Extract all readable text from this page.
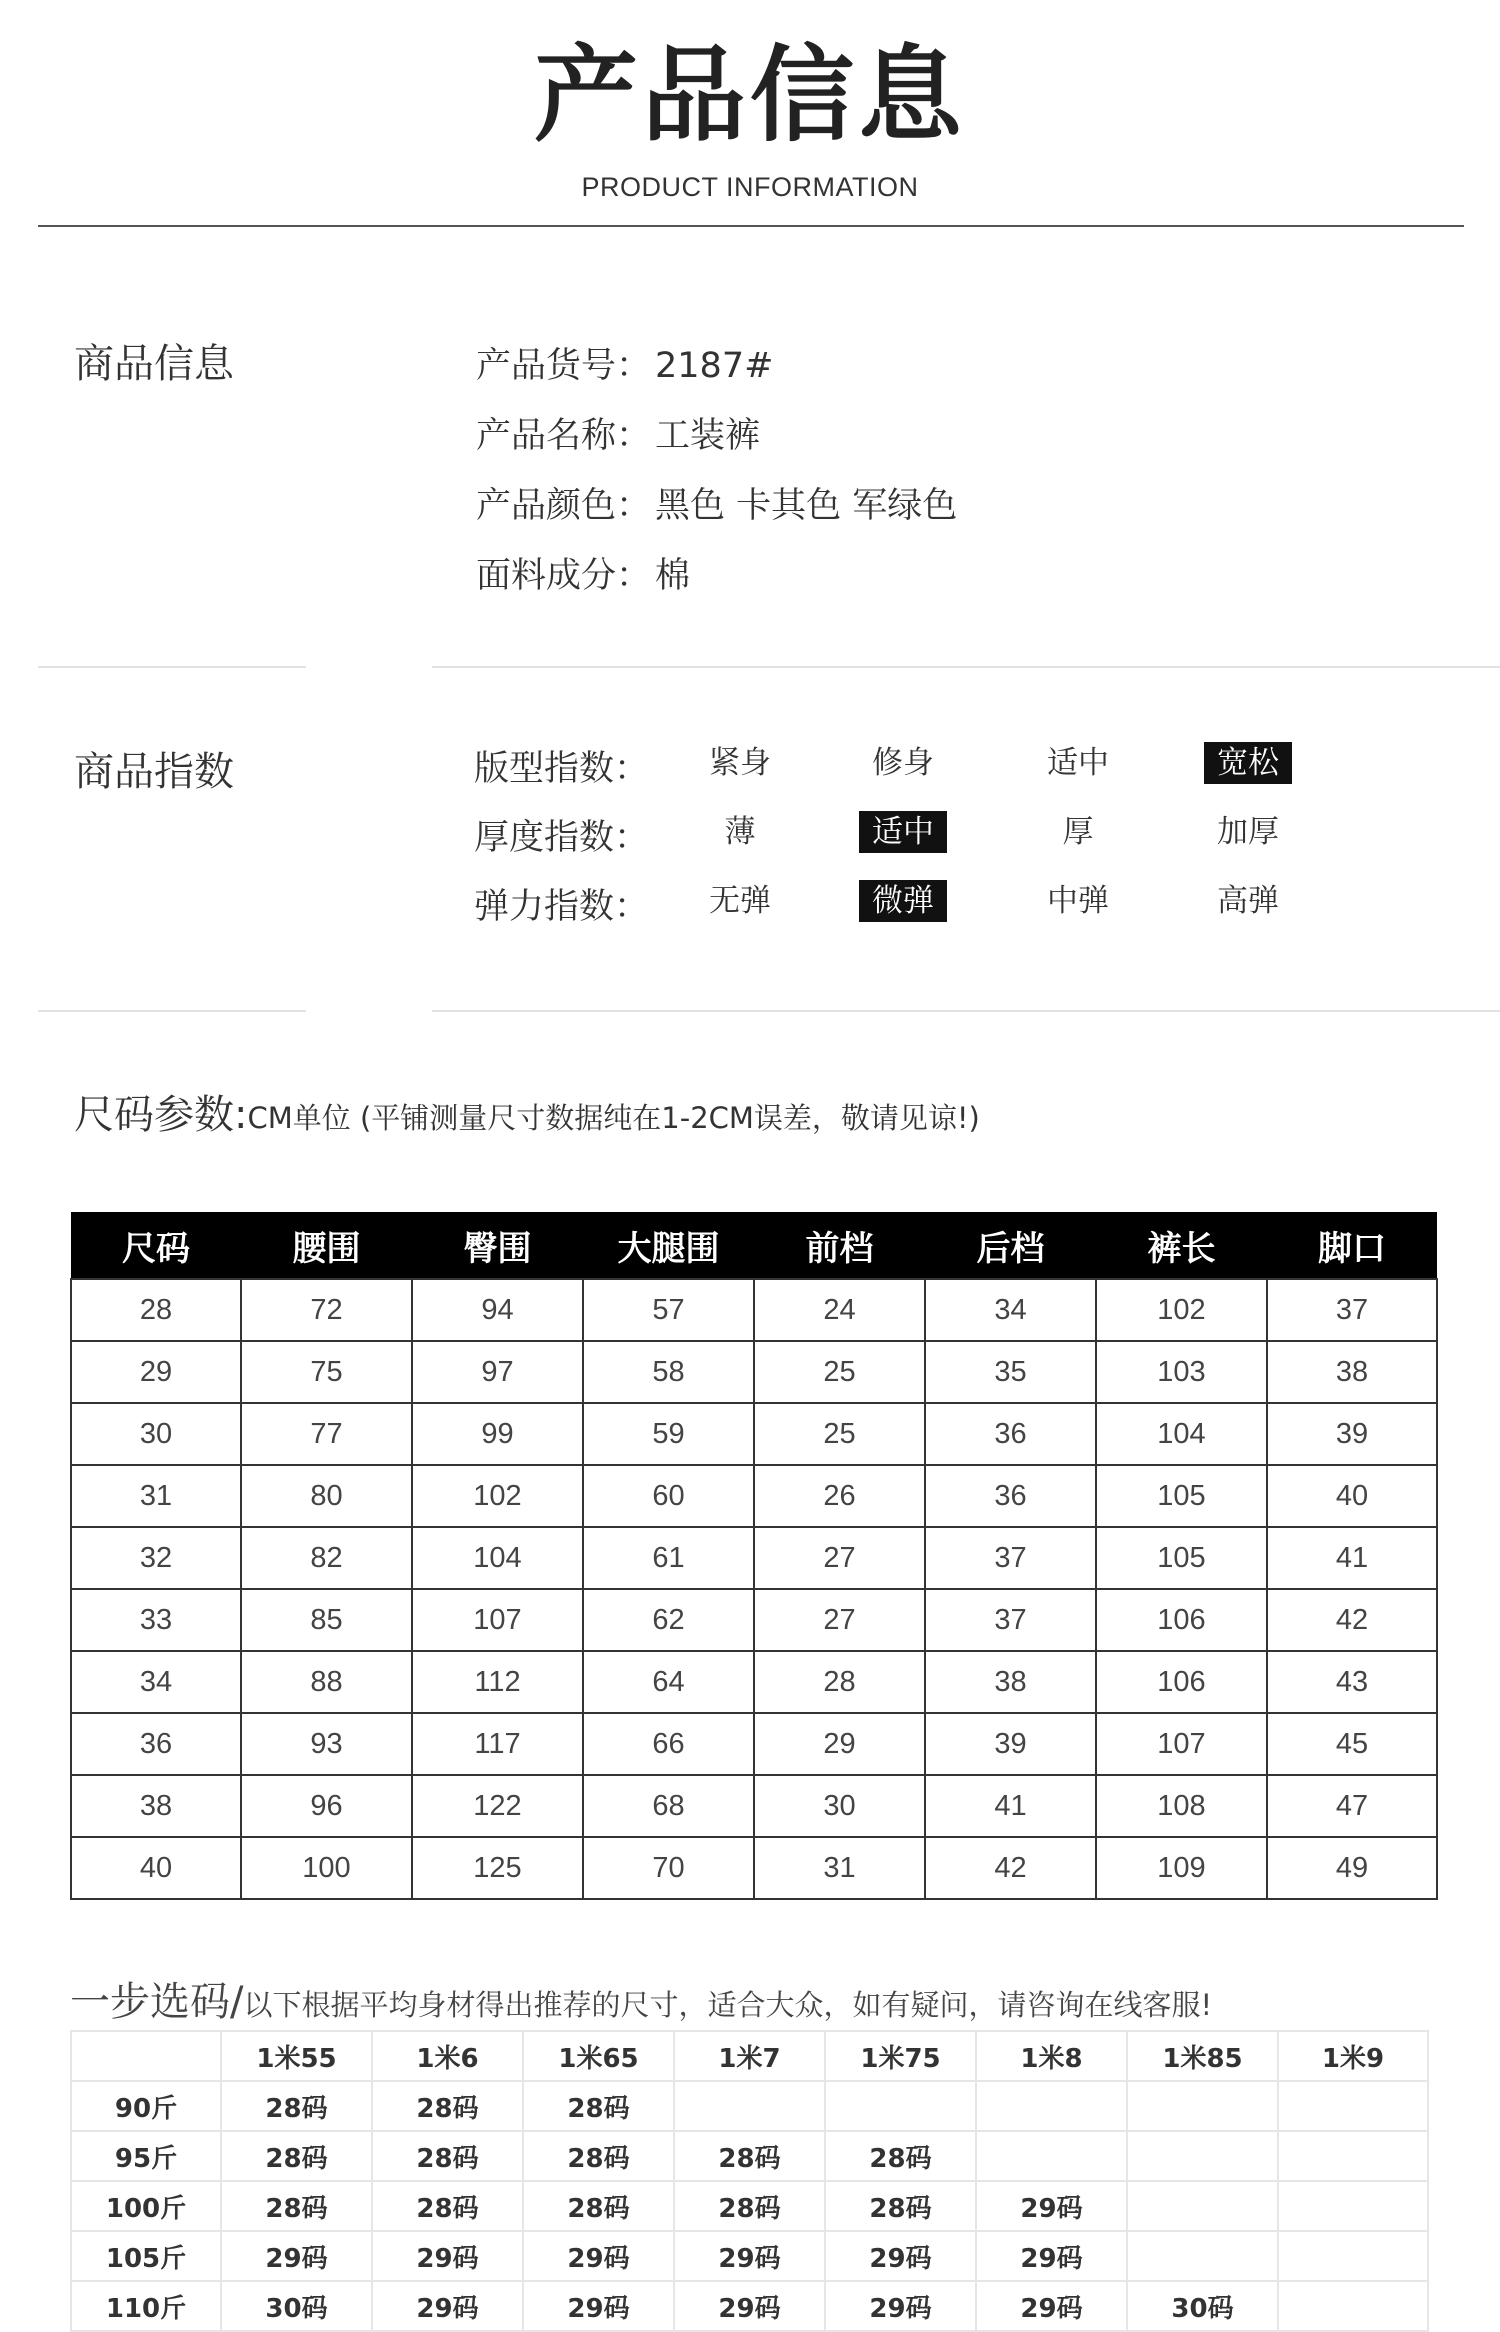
产品信息
PRODUCT INFORMATION
商品信息	产品货号： 2187#
产品名称： 工装裤
产品颜色： 黑色 卡其色 军绿色
面料成分： 棉
商品指数	版型指数：	紧身	修身	适中	宽松
厚度指数：	薄	适中	厚	加厚
弹力指数：	无弹	微弹	中弹	高弹
尺码参数:CM单位 (平铺测量尺寸数据纯在1-2CM误差，敬请见谅!)
尺码	腰围	臀围	大腿围	前档	后档	裤长	脚口
28	72	94	57	24	34	102	37
29	75	97	58	25	35	103	38
30	77	99	59	25	36	104	39
31	80	102	60	26	36	105	40
32	82	104	61	27	37	105	41
33	85	107	62	27	37	106	42
34	88	112	64	28	38	106	43
36	93	117	66	29	39	107	45
38	96	122	68	30	41	108	47
40	100	125	70	31	42	109	49
一步选码/以下根据平均身材得出推荐的尺寸，适合大众，如有疑问，请咨询在线客服!
	1米55	1米6	1米65	1米7	1米75	1米8	1米85	1米9
90斤	28码	28码	28码					
95斤	28码	28码	28码	28码	28码			
100斤	28码	28码	28码	28码	28码	29码		
105斤	29码	29码	29码	29码	29码	29码		
110斤	30码	29码	29码	29码	29码	29码	30码	
